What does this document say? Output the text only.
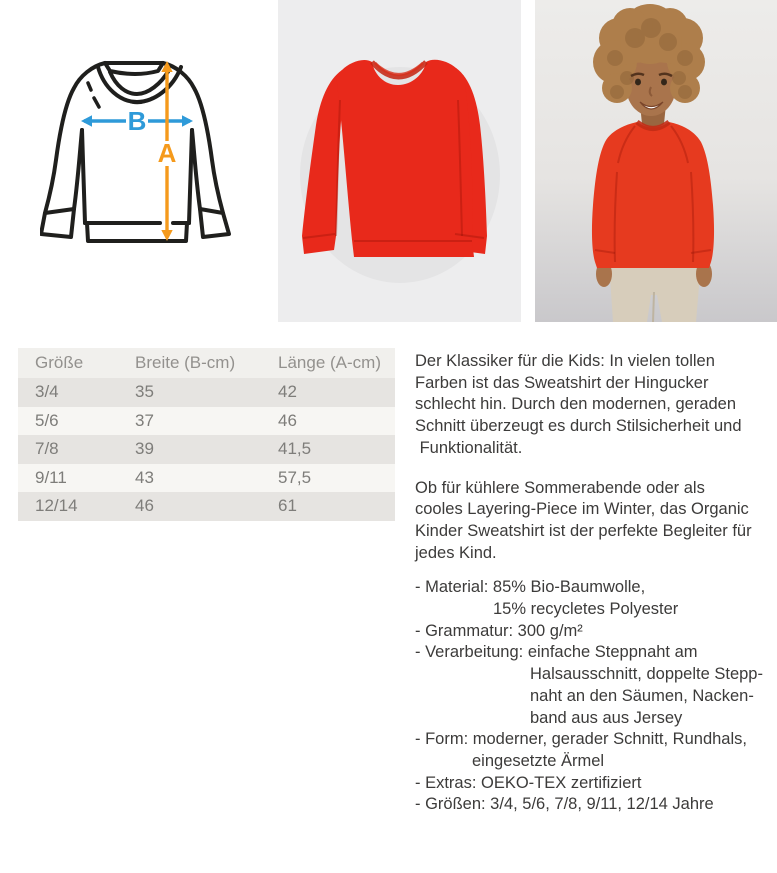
B
A
Größe	Breite (B-cm)	Länge (A-cm)
3/4	35	42
5/6	37	46
7/8	39	41,5
9/11	43	57,5
12/14	46	61
Der Klassiker für die Kids: In vielen tollen
Farben ist das Sweatshirt der Hingucker
schlecht hin. Durch den modernen, geraden
Schnitt überzeugt es durch Stilsicherheit und
Funktionalität.
Ob für kühlere Sommerabende oder als
cooles Layering-Piece im Winter, das Organic
Kinder Sweatshirt ist der perfekte Begleiter für
jedes Kind.
- Material: 85% Bio-Baumwolle,
15% recycletes Polyester
- Grammatur: 300 g/m²
- Verarbeitung: einfache Steppnaht am
Halsausschnitt, doppelte Stepp-
naht an den Säumen, Nacken-
band aus aus Jersey
- Form: moderner, gerader Schnitt, Rundhals,
eingesetzte Ärmel
- Extras: OEKO-TEX zertifiziert
- Größen: 3/4, 5/6, 7/8, 9/11, 12/14 Jahre
